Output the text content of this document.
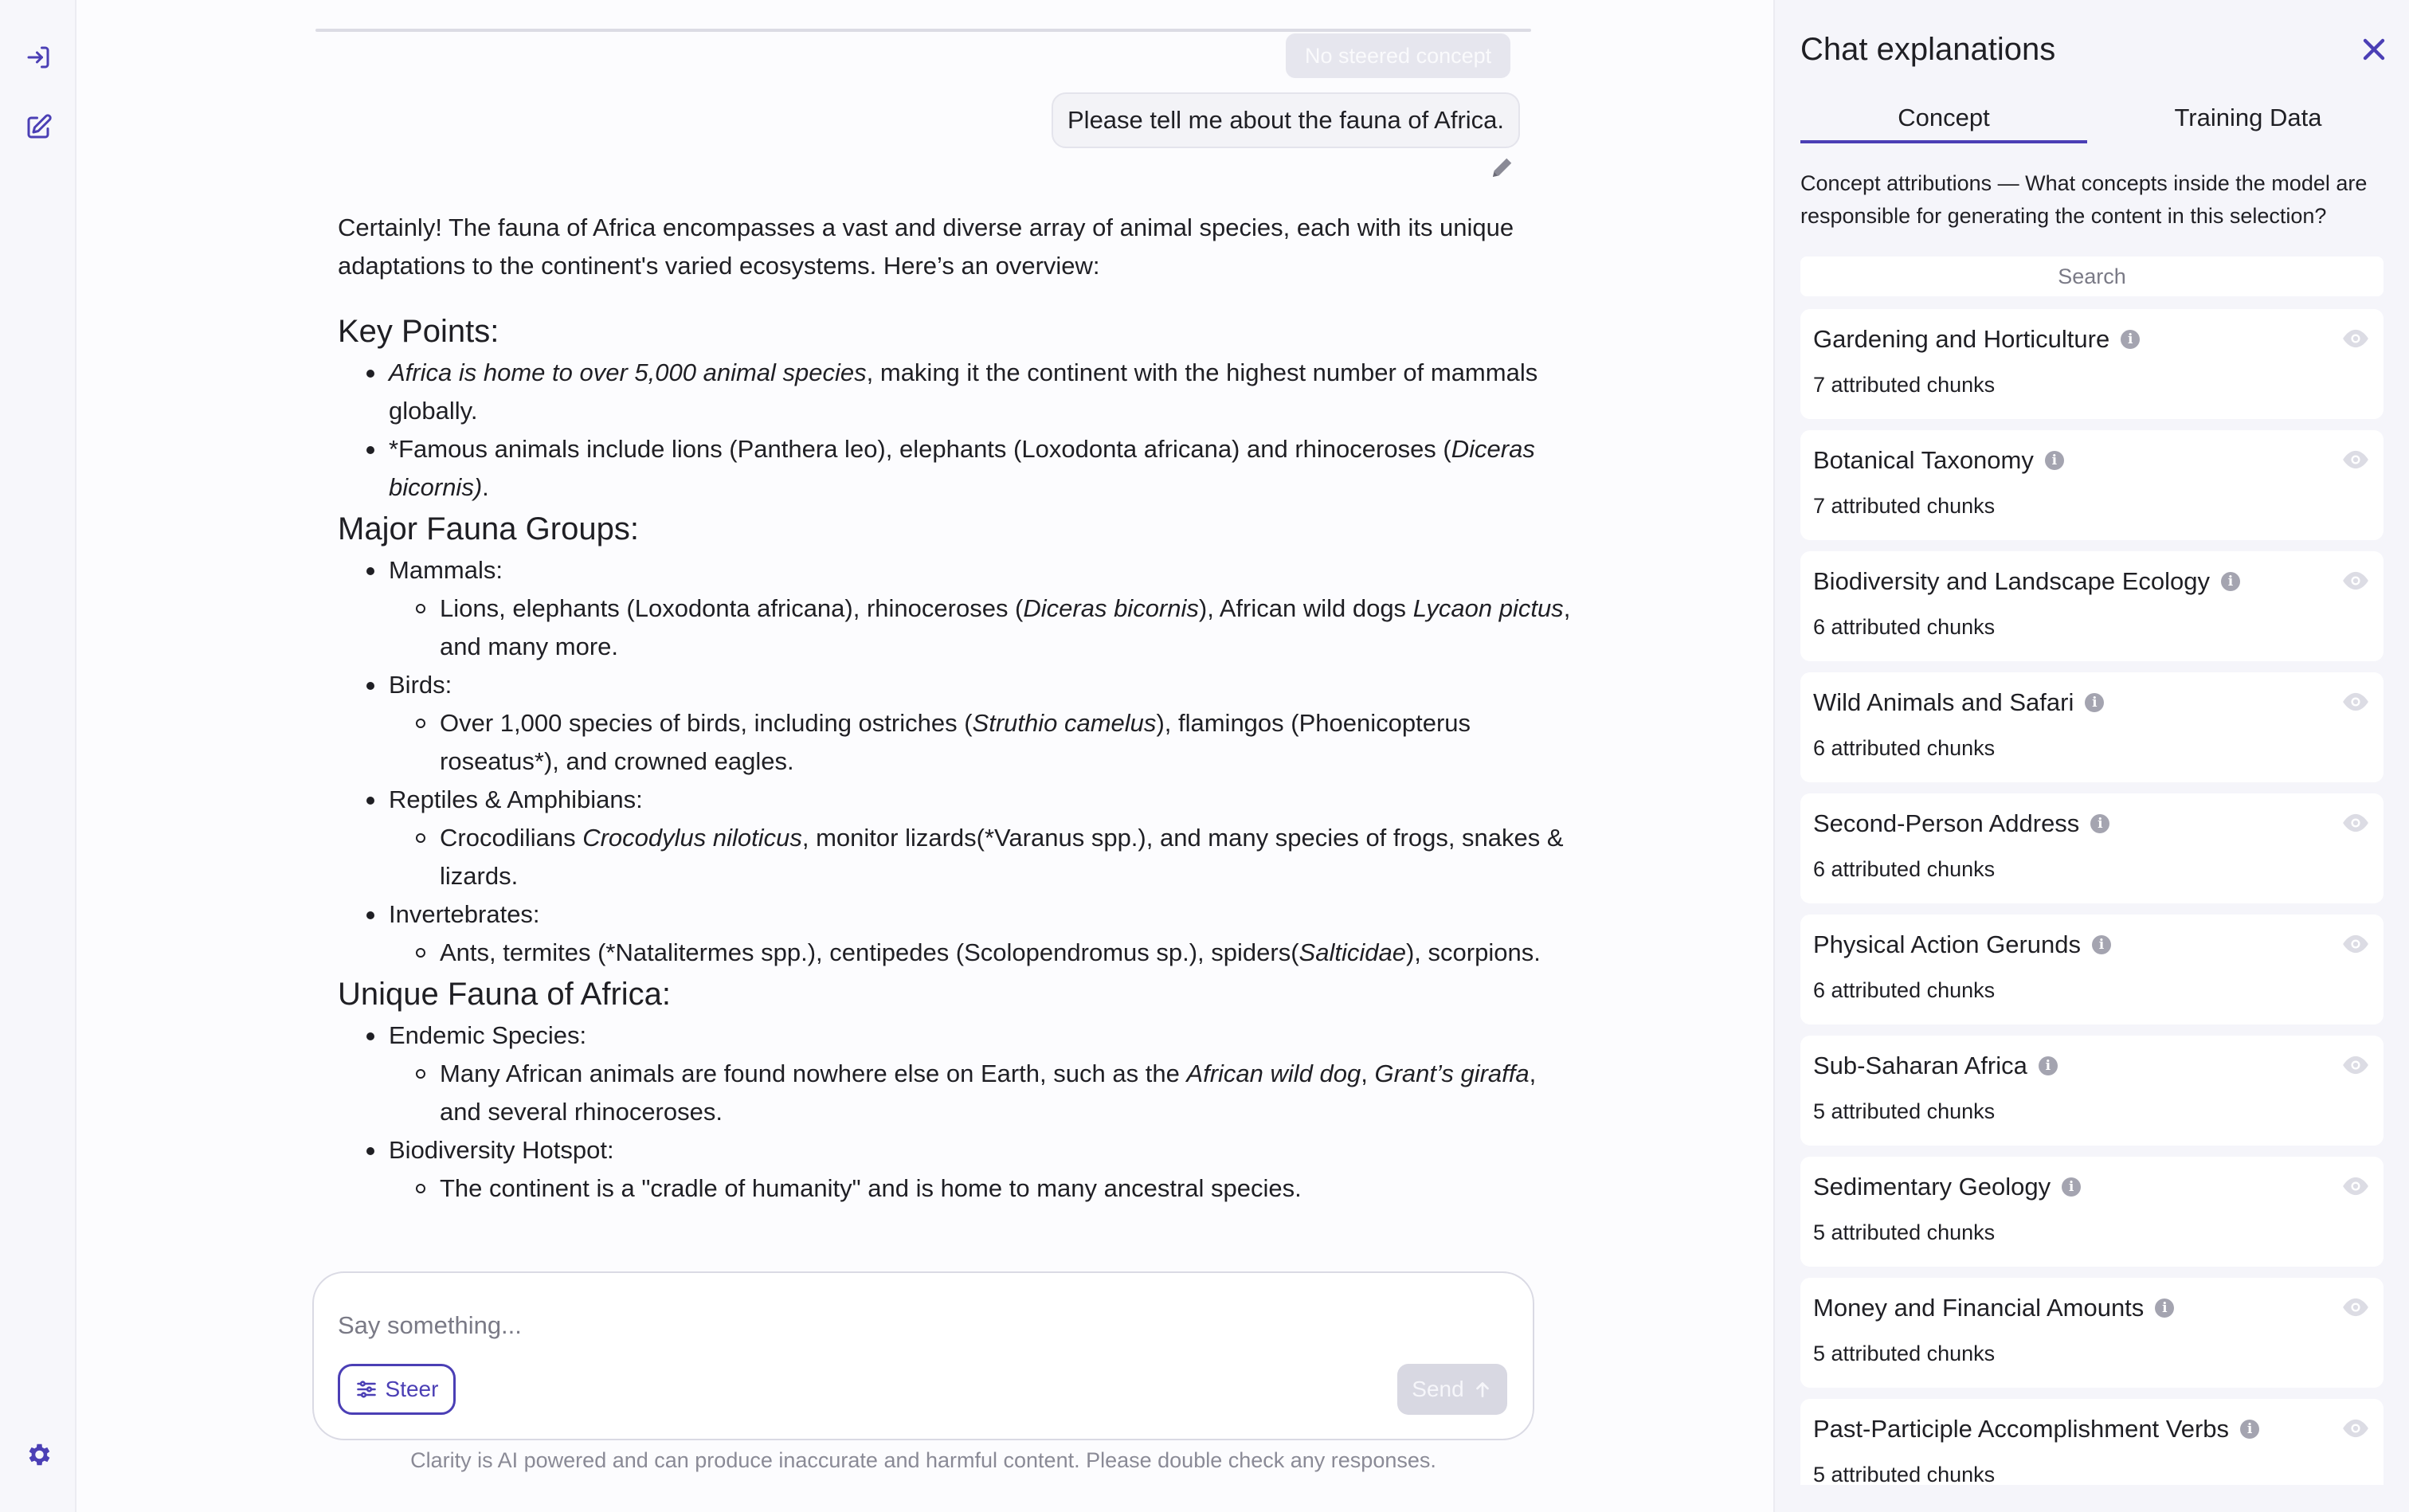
No steered concept
Please tell me about the fauna of Africa.

Certainly! The fauna of Africa encompasses a vast and diverse array of animal species, each with its unique adaptations to the continent's varied ecosystems. Here’s an overview:

Key Points:
Africa is home to over 5,000 animal species, making it the continent with the highest number of mammals globally.
*Famous animals include lions (Panthera leo), elephants (Loxodonta africana) and rhinoceroses (Diceras bicornis).
Major Fauna Groups:
Mammals:
Lions, elephants (Loxodonta africana), rhinoceroses (Diceras bicornis), African wild dogs Lycaon pictus, and many more.
Birds:
Over 1,000 species of birds, including ostriches (Struthio camelus), flamingos (Phoenicopterus roseatus*), and crowned eagles.
Reptiles & Amphibians:
Crocodilians Crocodylus niloticus, monitor lizards(*Varanus spp.), and many species of frogs, snakes & lizards.
Invertebrates:
Ants, termites (*Natalitermes spp.), centipedes (Scolopendromus sp.), spiders(Salticidae), scorpions.
Unique Fauna of Africa:
Endemic Species:
Many African animals are found nowhere else on Earth, such as the African wild dog, Grant’s giraffa, and several rhinoceroses.
Biodiversity Hotspot:
The continent is a "cradle of humanity" and is home to many ancestral species.
Say something...
Steer	Send
Clarity is AI powered and can produce inaccurate and harmful content. Please double check any responses.
Chat explanations
Concept	Training Data
Concept attributions — What concepts inside the model are responsible for generating the content in this selection?
Search
Gardening and Horticulture	i
7 attributed chunks
Botanical Taxonomy	i
7 attributed chunks
Biodiversity and Landscape Ecology	i
6 attributed chunks
Wild Animals and Safari	i
6 attributed chunks
Second-Person Address	i
6 attributed chunks
Physical Action Gerunds	i
6 attributed chunks
Sub-Saharan Africa	i
5 attributed chunks
Sedimentary Geology	i
5 attributed chunks
Money and Financial Amounts	i
5 attributed chunks
Past-Participle Accomplishment Verbs	i
5 attributed chunks
